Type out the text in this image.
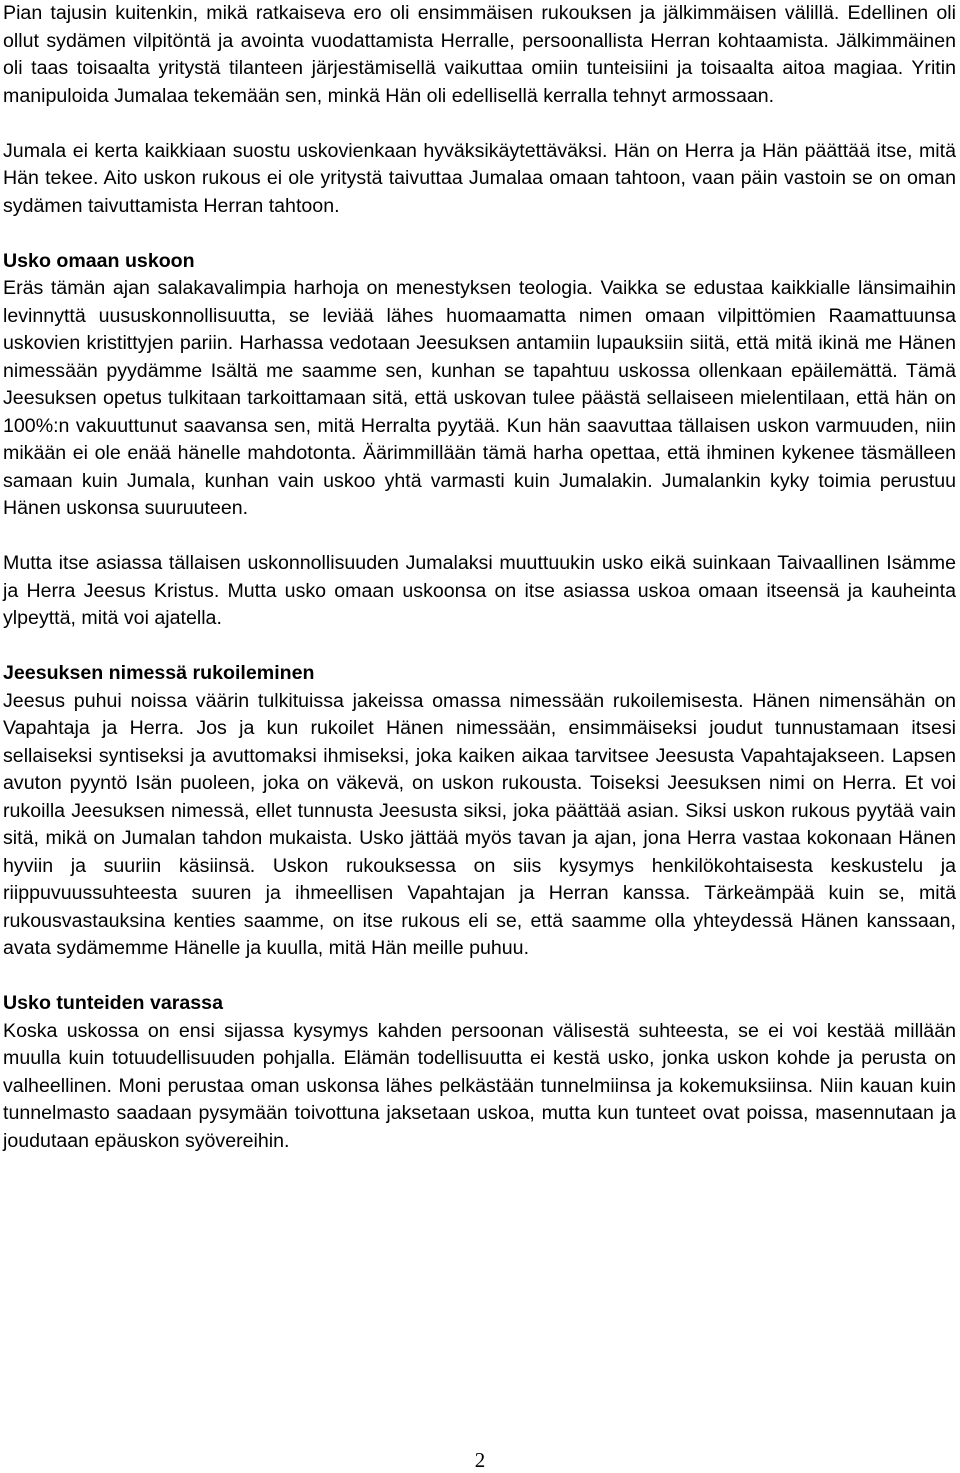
Pian tajusin kuitenkin, mikä ratkaiseva ero oli ensimmäisen rukouksen ja jälkimmäisen välillä. Edellinen oli ollut sydämen vilpitöntä ja avointa vuodattamista Herralle, persoonallista Herran kohtaamista. Jälkimmäinen oli taas toisaalta yritystä tilanteen järjestämisellä vaikuttaa omiin tunteisiini ja toisaalta aitoa magiaa. Yritin manipuloida Jumalaa tekemään sen, minkä Hän oli edellisellä kerralla tehnyt armossaan.

Jumala ei kerta kaikkiaan suostu uskovienkaan hyväksikäytettäväksi. Hän on Herra ja Hän päättää itse, mitä Hän tekee. Aito uskon rukous ei ole yritystä taivuttaa Jumalaa omaan tahtoon, vaan päin vastoin se on oman sydämen taivuttamista Herran tahtoon.

Usko omaan uskoon

Eräs tämän ajan salakavalimpia harhoja on menestyksen teologia. Vaikka se edustaa kaikkialle länsimaihin levinnyttä uususkonnollisuutta, se leviää lähes huomaamatta nimen omaan vilpittömien Raamattuunsa uskovien kristittyjen pariin. Harhassa vedotaan Jeesuksen antamiin lupauksiin siitä, että mitä ikinä me Hänen nimessään pyydämme Isältä me saamme sen, kunhan se tapahtuu uskossa ollenkaan epäilemättä. Tämä Jeesuksen opetus tulkitaan tarkoittamaan sitä, että uskovan tulee päästä sellaiseen mielentilaan, että hän on 100%:n vakuuttunut saavansa sen, mitä Herralta pyytää. Kun hän saavuttaa tällaisen uskon varmuuden, niin mikään ei ole enää hänelle mahdotonta. Äärimmillään tämä harha opettaa, että ihminen kykenee täsmälleen samaan kuin Jumala, kunhan vain uskoo yhtä varmasti kuin Jumalakin. Jumalankin kyky toimia perustuu Hänen uskonsa suuruuteen.

Mutta itse asiassa tällaisen uskonnollisuuden Jumalaksi muuttuukin usko eikä suinkaan Taivaallinen Isämme ja Herra Jeesus Kristus. Mutta usko omaan uskoonsa on itse asiassa uskoa omaan itseensä ja kauheinta ylpeyttä, mitä voi ajatella.

Jeesuksen nimessä rukoileminen

Jeesus puhui noissa väärin tulkituissa jakeissa omassa nimessään rukoilemisesta. Hänen nimensähän on Vapahtaja ja Herra. Jos ja kun rukoilet Hänen nimessään, ensimmäiseksi joudut tunnustamaan itsesi sellaiseksi syntiseksi ja avuttomaksi ihmiseksi, joka kaiken aikaa tarvitsee Jeesusta Vapahtajakseen. Lapsen avuton pyyntö Isän puoleen, joka on väkevä, on uskon rukousta. Toiseksi Jeesuksen nimi on Herra. Et voi rukoilla Jeesuksen nimessä, ellet tunnusta Jeesusta siksi, joka päättää asian. Siksi uskon rukous pyytää vain sitä, mikä on Jumalan tahdon mukaista. Usko jättää myös tavan ja ajan, jona Herra vastaa kokonaan Hänen hyviin ja suuriin käsiinsä. Uskon rukouksessa on siis kysymys henkilökohtaisesta keskustelu ja riippuvuussuhteesta suuren ja ihmeellisen Vapahtajan ja Herran kanssa. Tärkeämpää kuin se, mitä rukousvastauksina kenties saamme, on itse rukous eli se, että saamme olla yhteydessä Hänen kanssaan, avata sydämemme Hänelle ja kuulla, mitä Hän meille puhuu.

Usko tunteiden varassa

Koska uskossa on ensi sijassa kysymys kahden persoonan välisestä suhteesta, se ei voi kestää millään muulla kuin totuudellisuuden pohjalla. Elämän todellisuutta ei kestä usko, jonka uskon kohde ja perusta on valheellinen. Moni perustaa oman uskonsa lähes pelkästään tunnelmiinsa ja kokemuksiinsa. Niin kauan kuin tunnelmasto saadaan pysymään toivottuna jaksetaan uskoa, mutta kun tunteet ovat poissa, masennutaan ja joudutaan epäuskon syövereihin.

2
